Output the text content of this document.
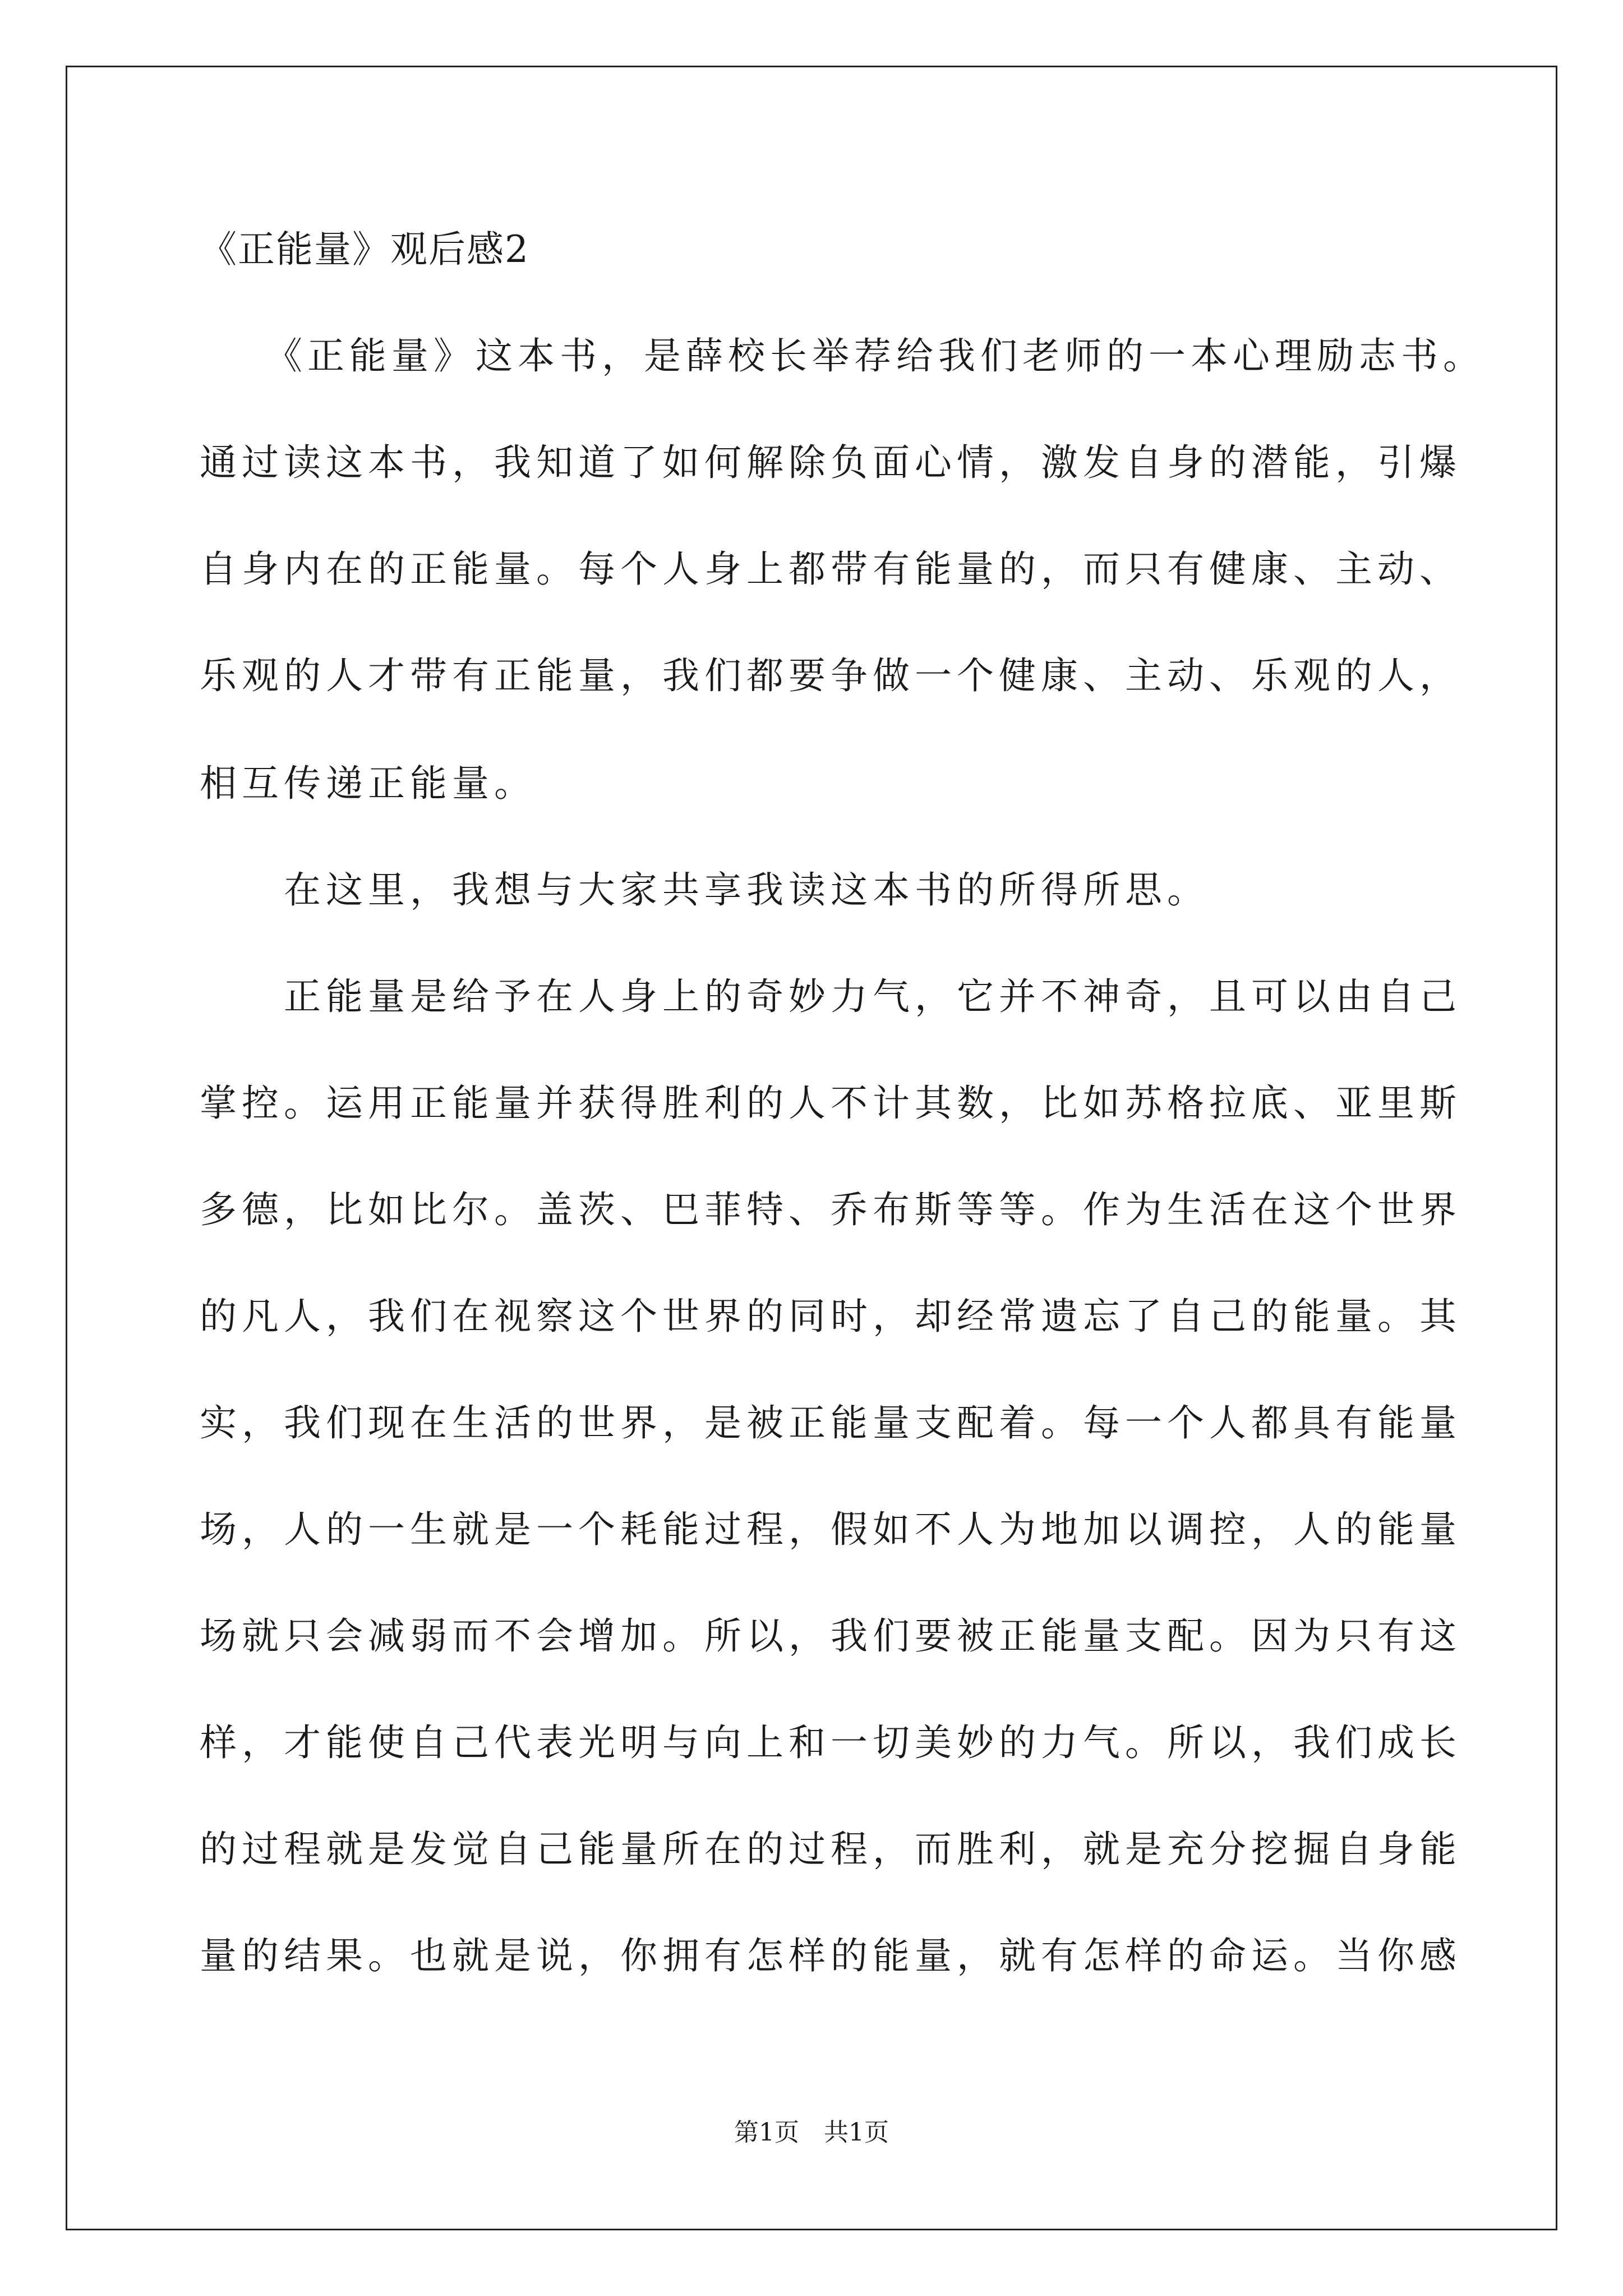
《正能量》观后感2
　　《正能量》这本书，是薛校长举荐给我们老师的一本心理励志书。
通过读这本书，我知道了如何解除负面心情，激发自身的潜能，引爆
自身内在的正能量。每个人身上都带有能量的，而只有健康、主动、
乐观的人才带有正能量，我们都要争做一个健康、主动、乐观的人，
相互传递正能量。
　　在这里，我想与大家共享我读这本书的所得所思。
　　正能量是给予在人身上的奇妙力气，它并不神奇，且可以由自己
掌控。运用正能量并获得胜利的人不计其数，比如苏格拉底、亚里斯
多德，比如比尔。盖茨、巴菲特、乔布斯等等。作为生活在这个世界
的凡人，我们在视察这个世界的同时，却经常遗忘了自己的能量。其
实，我们现在生活的世界，是被正能量支配着。每一个人都具有能量
场，人的一生就是一个耗能过程，假如不人为地加以调控，人的能量
场就只会减弱而不会增加。所以，我们要被正能量支配。因为只有这
样，才能使自己代表光明与向上和一切美妙的力气。所以，我们成长
的过程就是发觉自己能量所在的过程，而胜利，就是充分挖掘自身能
量的结果。也就是说，你拥有怎样的能量，就有怎样的命运。当你感
第1页 共1页
